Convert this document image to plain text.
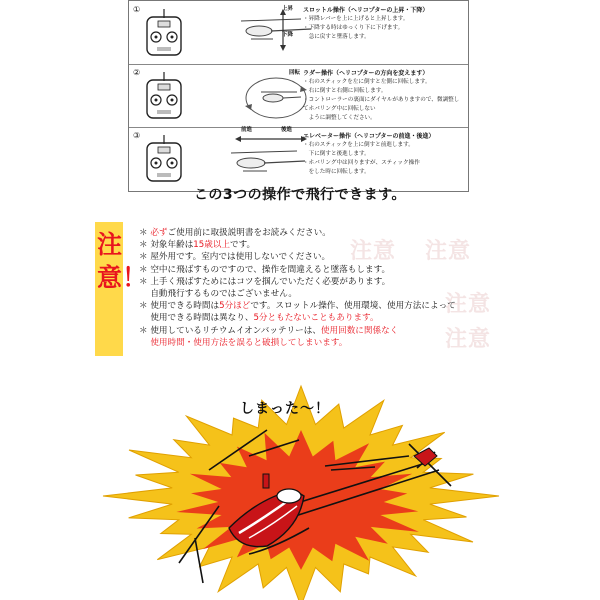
①	上昇
下降

スロットル操作（ヘリコプターの上昇・下降）

・昇降レバーを上に上げると上昇します。

・下降する時はゆっくり下に下げます。

　急に戻すと墜落します。

②	回転 ラダー操作（ヘリコプターの方向を変えます）

・右のスティックを左に倒すと左側に回転します。

　右に倒すと右側に回転します。

・コントローラーの裏面にダイヤルがありますので、微調整してホバリング中に回転しない

　ように調整してください。

③
前進	後進

エレベーター操作（ヘリコプターの前進・後進）

・右のスティックを上に倒すと前進します。

　下に倒すと後進します。

・ホバリング中は回りますが、スティック操作

　をした時に回転します。

この3つの操作で飛行できます。
注意 注意
注意
注意
注意！

＊ 必ずご使用前に取扱説明書をお読みください。

＊ 対象年齢は15歳以上です。

＊ 屋外用です。室内では使用しないでください。

＊ 空中に飛ばすものですので、操作を間違えると墜落もします。

＊ 上手く飛ばすためにはコツを掴んでいただく必要があります。

　 自動飛行するものではございません。

＊ 使用できる時間は5分ほどです。スロットル操作、使用環境、使用方法によって

　 使用できる時間は異なり、5分ともたないこともあります。

＊ 使用しているリチウムイオンバッテリーは、使用回数に関係なく

　 使用時間・使用方法を誤ると破損してしまいます。

しまった～！
